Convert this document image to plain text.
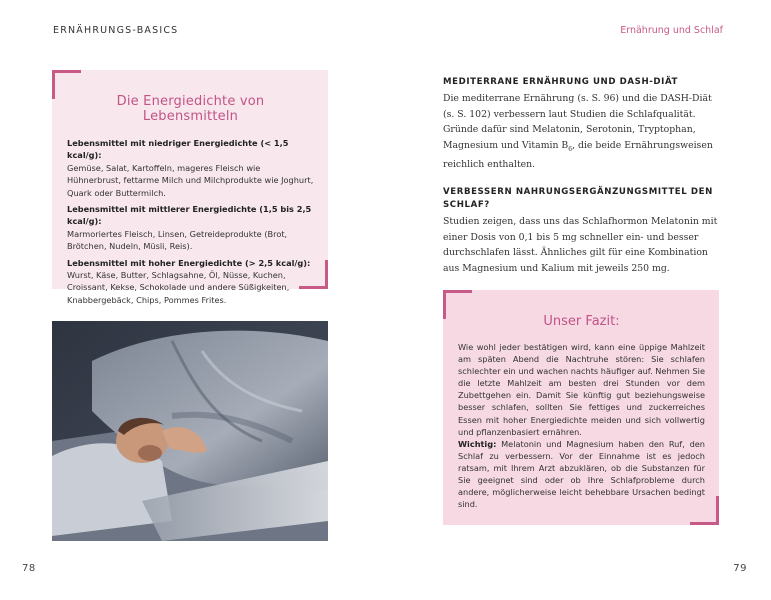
ERNÄHRUNGS-BASICS	Ernährung und Schlaf
Die Energiedichte von Lebensmitteln
Lebensmittel mit niedriger Energiedichte (< 1,5 kcal/g):
Gemüse, Salat, Kartoffeln, mageres Fleisch wie Hühnerbrust, fettarme Milch und Milchprodukte wie Joghurt, Quark oder Buttermilch.
Lebensmittel mit mittlerer Energiedichte (1,5 bis 2,5 kcal/g):
Marmoriertes Fleisch, Linsen, Getreideprodukte (Brot, Brötchen, Nudeln, Müsli, Reis).
Lebensmittel mit hoher Energiedichte (> 2,5 kcal/g):
Wurst, Käse, Butter, Schlagsahne, Öl, Nüsse, Kuchen, Croissant, Kekse, Schokolade und andere Süßigkeiten, Knabbergebäck, Chips, Pommes Frites.
MEDITERRANE ERNÄHRUNG UND DASH-DIÄT

Die mediterrane Ernährung (s. S. 96) und die DASH-Diät (s. S. 102) verbessern laut Studien die Schlafqualität. Gründe dafür sind Melatonin, Serotonin, Tryptophan, Magnesium und Vitamin $B_6$, die beide Ernährungsweisen reichlich enthalten.

VERBESSERN NAHRUNGSERGÄNZUNGSMITTEL DEN SCHLAF?

Studien zeigen, dass uns das Schlafhormon Melatonin mit einer Dosis von 0,1 bis 5 mg schneller ein- und besser durchschlafen lässt. Ähnliches gilt für eine Kombination aus Magnesium und Kalium mit jeweils 250 mg.

Unser Fazit:
Wie wohl jeder bestätigen wird, kann eine üppige Mahlzeit am späten Abend die Nachtruhe stören: Sie schlafen schlechter ein und wachen nachts häufiger auf. Nehmen Sie die letzte Mahlzeit am besten drei Stunden vor dem Zubettgehen ein. Damit Sie künftig gut beziehungsweise besser schlafen, sollten Sie fettiges und zuckerreiches Essen mit hoher Energiedichte meiden und sich vollwertig und pflanzenbasiert ernähren.
Wichtig: Melatonin und Magnesium haben den Ruf, den Schlaf zu verbessern. Vor der Einnahme ist es jedoch ratsam, mit Ihrem Arzt abzuklären, ob die Substanzen für Sie geeignet sind oder ob Ihre Schlafprobleme durch andere, möglicherweise leicht behebbare Ursachen bedingt sind.
78	79
